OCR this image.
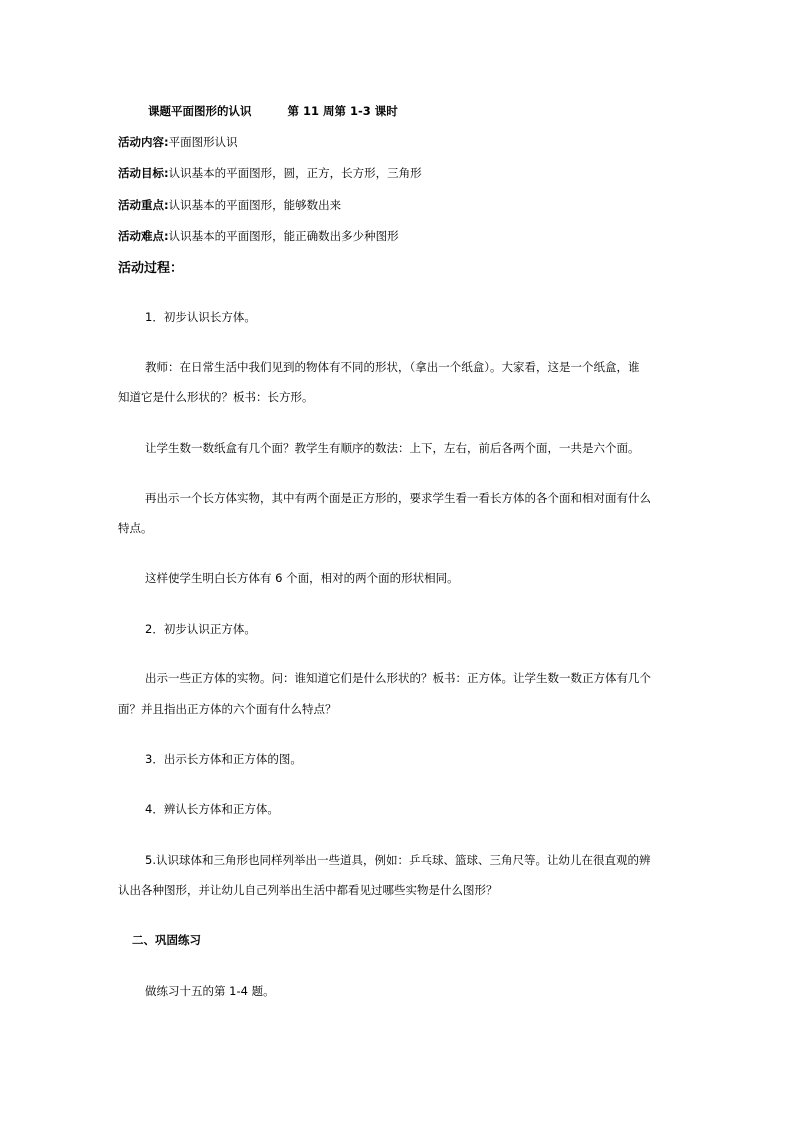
课题平面图形的认识	第 11 周第 1-3 课时
活动内容:平面图形认识
活动目标:认识基本的平面图形，圆，正方，长方形，三角形
活动重点:认识基本的平面图形，能够数出来
活动难点:认识基本的平面图形，能正确数出多少种图形
活动过程：
1．初步认识长方体。
教师：在日常生活中我们见到的物体有不同的形状，（拿出一个纸盒）。大家看，这是一个纸盒，谁
知道它是什么形状的？板书：长方形。
让学生数一数纸盒有几个面？教学生有顺序的数法：上下，左右，前后各两个面，一共是六个面。
再出示一个长方体实物，其中有两个面是正方形的，要求学生看一看长方体的各个面和相对面有什么
特点。
这样使学生明白长方体有 6 个面，相对的两个面的形状相同。
2．初步认识正方体。
出示一些正方体的实物。问：谁知道它们是什么形状的？板书：正方体。让学生数一数正方体有几个
面？并且指出正方体的六个面有什么特点？
3．出示长方体和正方体的图。
4．辨认长方体和正方体。
5.认识球体和三角形也同样列举出一些道具，例如：乒乓球、篮球、三角尺等。让幼儿在很直观的辨
认出各种图形，并让幼儿自己列举出生活中都看见过哪些实物是什么图形？
二、巩固练习
做练习十五的第 1-4 题。
